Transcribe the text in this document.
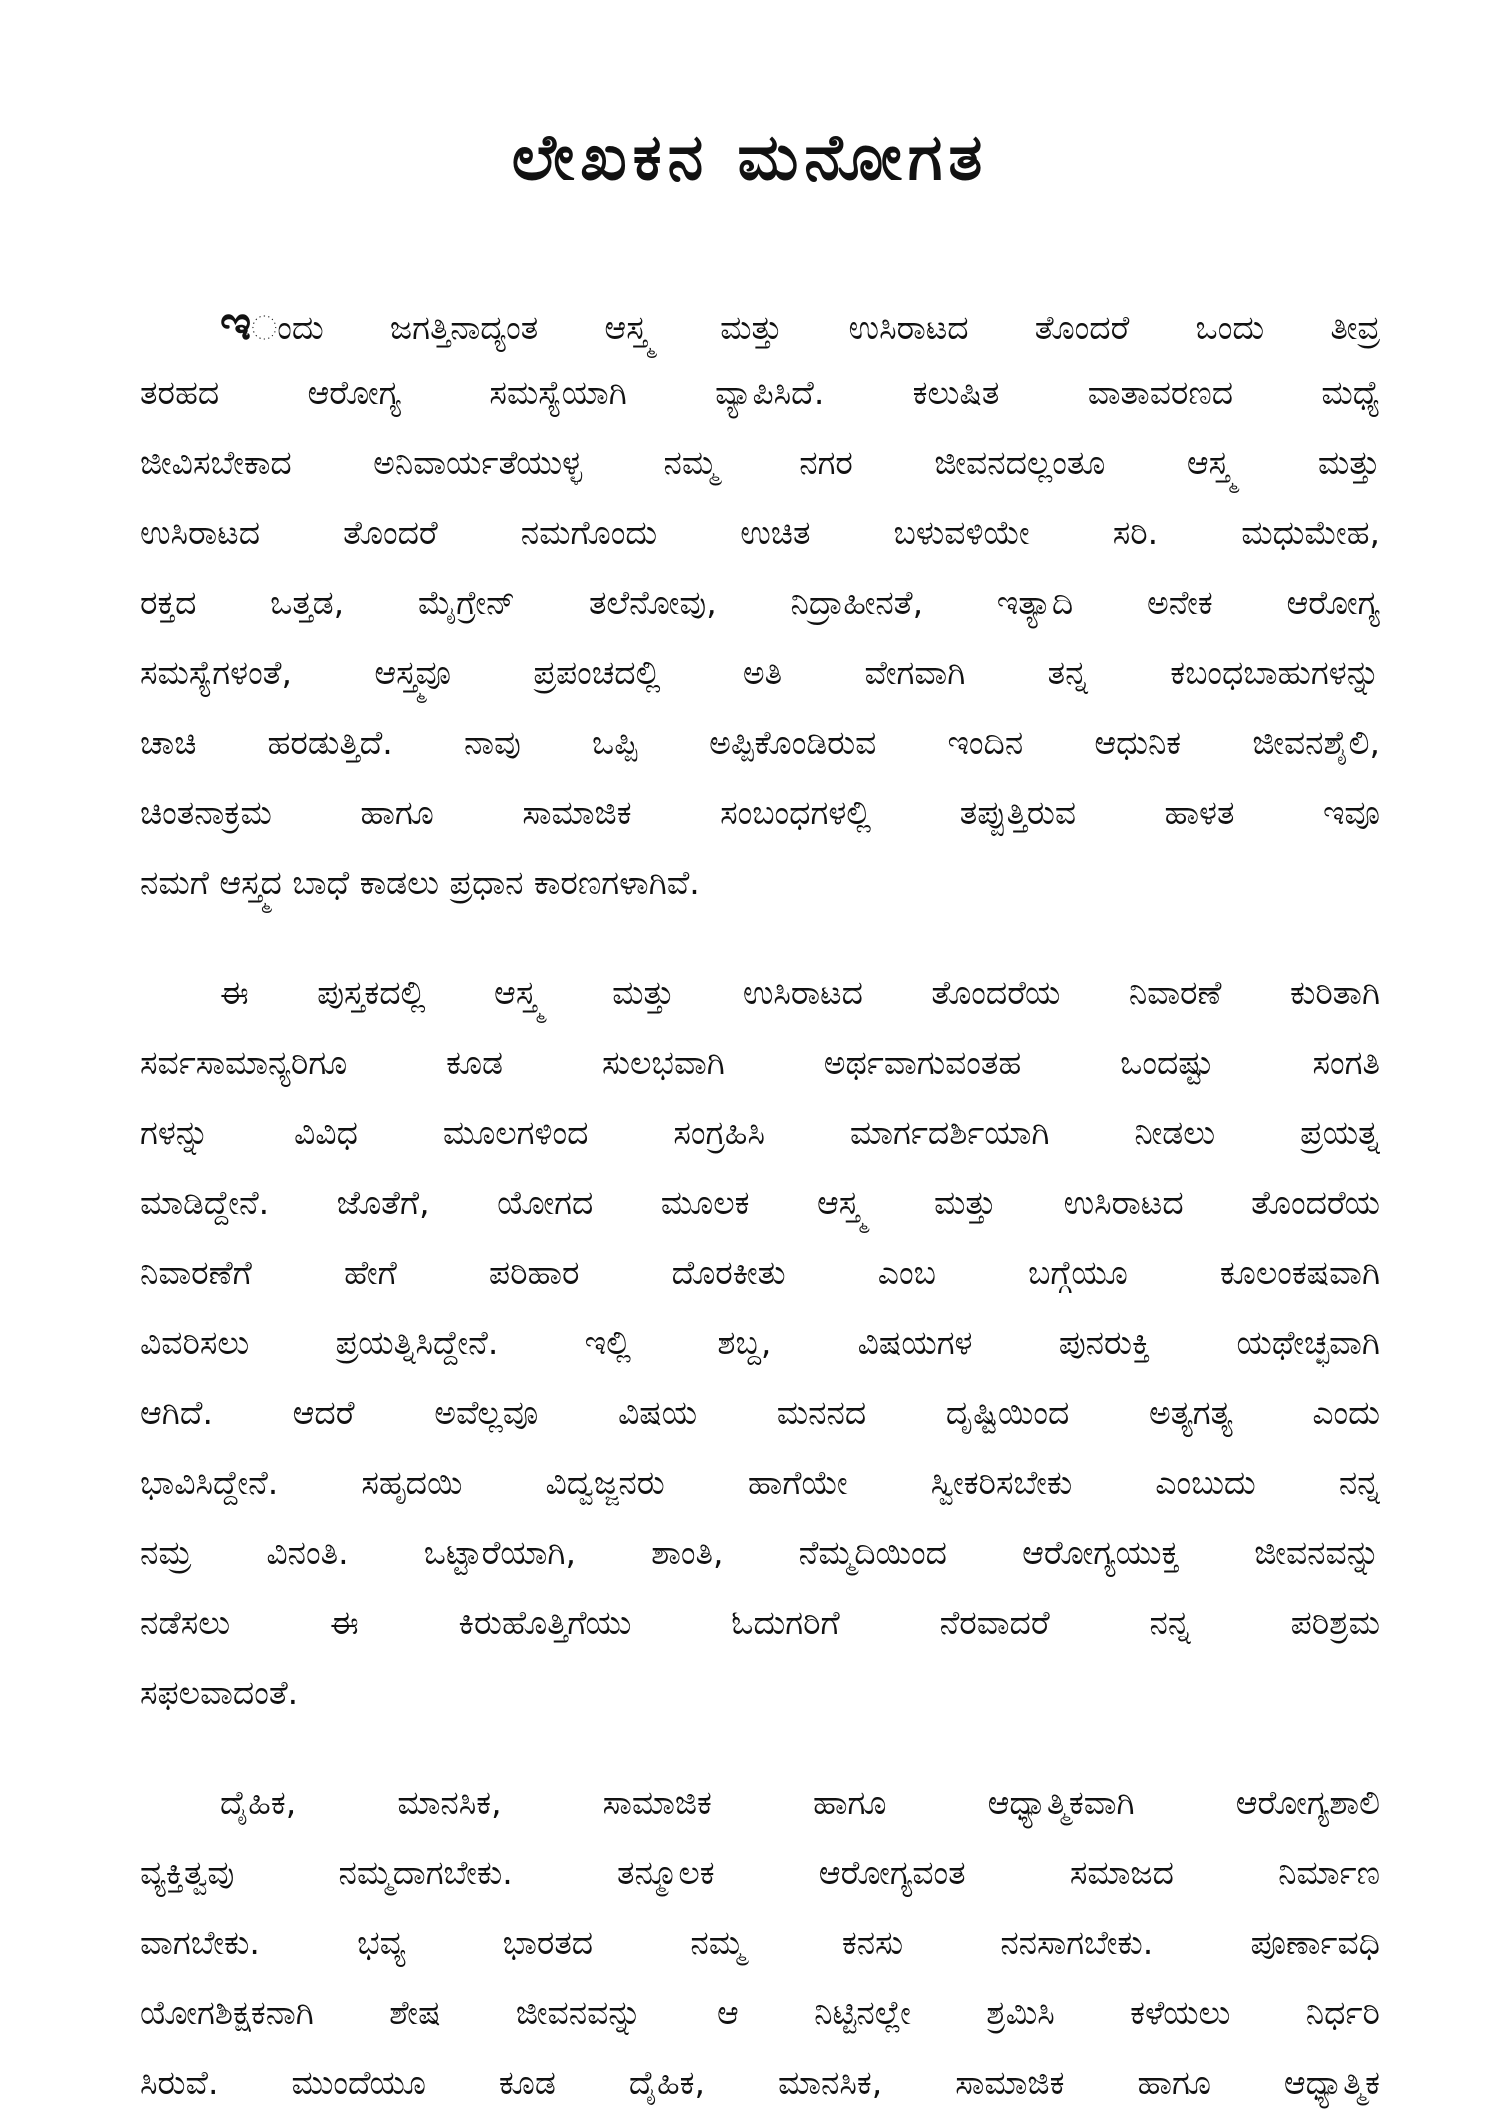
ಲೇಖಕನ ಮನೋಗತ
ಇಂದು ಜಗತ್ತಿನಾದ್ಯಂತ ಆಸ್ತ್ಮ ಮತ್ತು ಉಸಿರಾಟದ ತೊಂದರೆ ಒಂದು ತೀವ್ರ
ತರಹದ ಆರೋಗ್ಯ ಸಮಸ್ಯೆಯಾಗಿ ವ್ಯಾಪಿಸಿದೆ. ಕಲುಷಿತ ವಾತಾವರಣದ ಮಧ್ಯೆ
ಜೀವಿಸಬೇಕಾದ ಅನಿವಾರ್ಯತೆಯುಳ್ಳ ನಮ್ಮ ನಗರ ಜೀವನದಲ್ಲಂತೂ ಆಸ್ತ್ಮ ಮತ್ತು
ಉಸಿರಾಟದ ತೊಂದರೆ ನಮಗೊಂದು ಉಚಿತ ಬಳುವಳಿಯೇ ಸರಿ. ಮಧುಮೇಹ,
ರಕ್ತದ ಒತ್ತಡ, ಮೈಗ್ರೇನ್ ತಲೆನೋವು, ನಿದ್ರಾಹೀನತೆ, ಇತ್ಯಾದಿ ಅನೇಕ ಆರೋಗ್ಯ
ಸಮಸ್ಯೆಗಳಂತೆ, ಆಸ್ತ್ಮವೂ ಪ್ರಪಂಚದಲ್ಲಿ ಅತಿ ವೇಗವಾಗಿ ತನ್ನ ಕಬಂಧಬಾಹುಗಳನ್ನು
ಚಾಚಿ ಹರಡುತ್ತಿದೆ. ನಾವು ಒಪ್ಪಿ ಅಪ್ಪಿಕೊಂಡಿರುವ ಇಂದಿನ ಆಧುನಿಕ ಜೀವನಶೈಲಿ,
ಚಿಂತನಾಕ್ರಮ ಹಾಗೂ ಸಾಮಾಜಿಕ ಸಂಬಂಧಗಳಲ್ಲಿ ತಪ್ಪುತ್ತಿರುವ ಹಾಳತ ಇವೂ
ನಮಗೆ ಆಸ್ತ್ಮದ ಬಾಧೆ ಕಾಡಲು ಪ್ರಧಾನ ಕಾರಣಗಳಾಗಿವೆ.
ಈ ಪುಸ್ತಕದಲ್ಲಿ ಆಸ್ತ್ಮ ಮತ್ತು ಉಸಿರಾಟದ ತೊಂದರೆಯ ನಿವಾರಣೆ ಕುರಿತಾಗಿ
ಸರ್ವಸಾಮಾನ್ಯರಿಗೂ ಕೂಡ ಸುಲಭವಾಗಿ ಅರ್ಥವಾಗುವಂತಹ ಒಂದಷ್ಟು ಸಂಗತಿ
ಗಳನ್ನು ವಿವಿಧ ಮೂಲಗಳಿಂದ ಸಂಗ್ರಹಿಸಿ ಮಾರ್ಗದರ್ಶಿಯಾಗಿ ನೀಡಲು ಪ್ರಯತ್ನ
ಮಾಡಿದ್ದೇನೆ. ಜೊತೆಗೆ, ಯೋಗದ ಮೂಲಕ ಆಸ್ತ್ಮ ಮತ್ತು ಉಸಿರಾಟದ ತೊಂದರೆಯ
ನಿವಾರಣೆಗೆ ಹೇಗೆ ಪರಿಹಾರ ದೊರಕೀತು ಎಂಬ ಬಗ್ಗೆಯೂ ಕೂಲಂಕಷವಾಗಿ
ವಿವರಿಸಲು ಪ್ರಯತ್ನಿಸಿದ್ದೇನೆ. ಇಲ್ಲಿ ಶಬ್ದ, ವಿಷಯಗಳ ಪುನರುಕ್ತಿ ಯಥೇಚ್ಛವಾಗಿ
ಆಗಿದೆ. ಆದರೆ ಅವೆಲ್ಲವೂ ವಿಷಯ ಮನನದ ದೃಷ್ಟಿಯಿಂದ ಅತ್ಯಗತ್ಯ ಎಂದು
ಭಾವಿಸಿದ್ದೇನೆ. ಸಹೃದಯಿ ವಿದ್ವಜ್ಜನರು ಹಾಗೆಯೇ ಸ್ವೀಕರಿಸಬೇಕು ಎಂಬುದು ನನ್ನ
ನಮ್ರ ವಿನಂತಿ. ಒಟ್ಟಾರೆಯಾಗಿ, ಶಾಂತಿ, ನೆಮ್ಮದಿಯಿಂದ ಆರೋಗ್ಯಯುಕ್ತ ಜೀವನವನ್ನು
ನಡೆಸಲು ಈ ಕಿರುಹೊತ್ತಿಗೆಯು ಓದುಗರಿಗೆ ನೆರವಾದರೆ ನನ್ನ ಪರಿಶ್ರಮ
ಸಫಲವಾದಂತೆ.
ದೈಹಿಕ, ಮಾನಸಿಕ, ಸಾಮಾಜಿಕ ಹಾಗೂ ಆಧ್ಯಾತ್ಮಿಕವಾಗಿ ಆರೋಗ್ಯಶಾಲಿ
ವ್ಯಕ್ತಿತ್ವವು ನಮ್ಮದಾಗಬೇಕು. ತನ್ಮೂಲಕ ಆರೋಗ್ಯವಂತ ಸಮಾಜದ ನಿರ್ಮಾಣ
ವಾಗಬೇಕು. ಭವ್ಯ ಭಾರತದ ನಮ್ಮ ಕನಸು ನನಸಾಗಬೇಕು. ಪೂರ್ಣಾವಧಿ
ಯೋಗಶಿಕ್ಷಕನಾಗಿ ಶೇಷ ಜೀವನವನ್ನು ಆ ನಿಟ್ಟಿನಲ್ಲೇ ಶ್ರಮಿಸಿ ಕಳೆಯಲು ನಿರ್ಧರಿ
ಸಿರುವೆ. ಮುಂದೆಯೂ ಕೂಡ ದೈಹಿಕ, ಮಾನಸಿಕ, ಸಾಮಾಜಿಕ ಹಾಗೂ ಆಧ್ಯಾತ್ಮಿಕ
